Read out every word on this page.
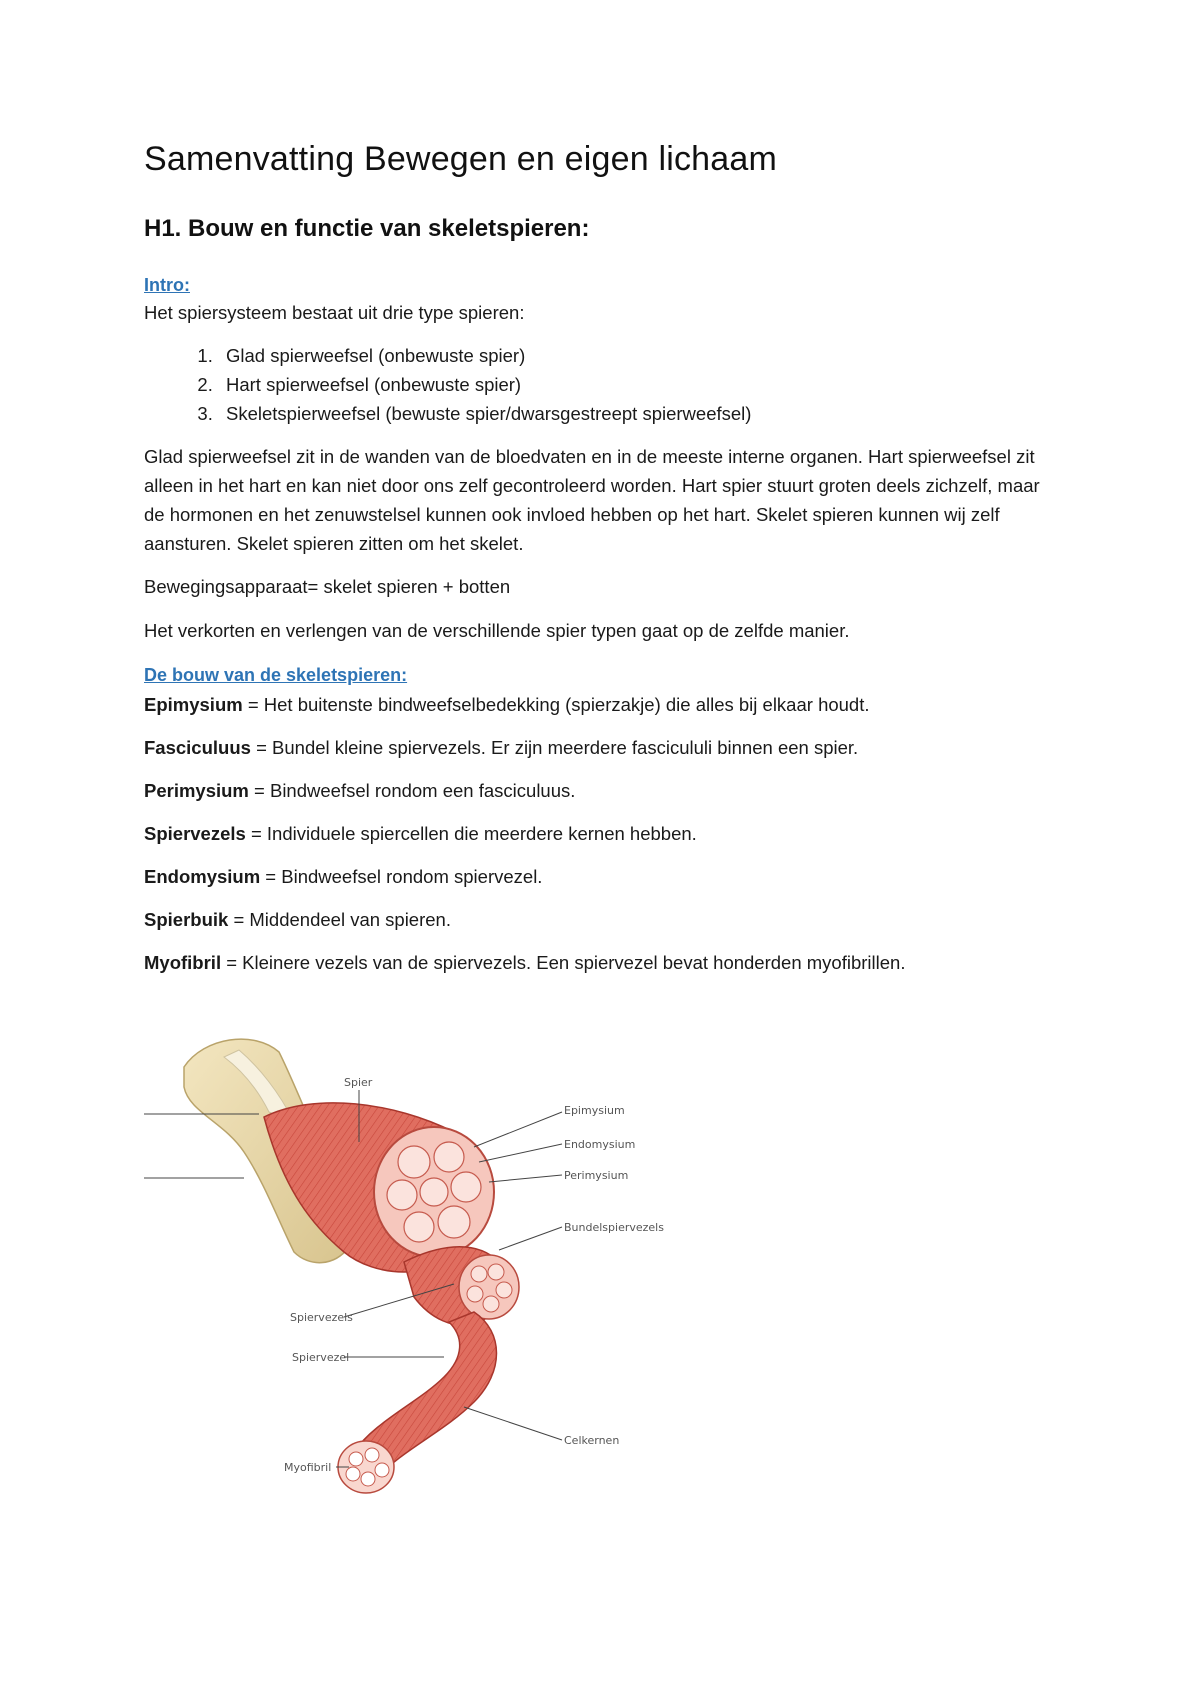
Samenvatting Bewegen en eigen lichaam
H1. Bouw en functie van skeletspieren:
Intro:

Het spiersysteem bestaat uit drie type spieren:

1. Glad spierweefsel (onbewuste spier)
2. Hart spierweefsel (onbewuste spier)
3. Skeletspierweefsel (bewuste spier/dwarsgestreept spierweefsel)

Glad spierweefsel zit in de wanden van de bloedvaten en in de meeste interne organen. Hart spierweefsel zit alleen in het hart en kan niet door ons zelf gecontroleerd worden. Hart spier stuurt groten deels zichzelf, maar de hormonen en het zenuwstelsel kunnen ook invloed hebben op het hart. Skelet spieren kunnen wij zelf aansturen. Skelet spieren zitten om het skelet.

Bewegingsapparaat= skelet spieren + botten

Het verkorten en verlengen van de verschillende spier typen gaat op de zelfde manier.

De bouw van de skeletspieren:

Epimysium = Het buitenste bindweefselbedekking (spierzakje) die alles bij elkaar houdt.

Fasciculuus = Bundel kleine spiervezels. Er zijn meerdere fascicululi binnen een spier.

Perimysium = Bindweefsel rondom een fasciculuus.

Spiervezels = Individuele spiercellen die meerdere kernen hebben.

Endomysium = Bindweefsel rondom spiervezel.

Spierbuik = Middendeel van spieren.

Myofibril = Kleinere vezels van de spiervezels. Een spiervezel bevat honderden myofibrillen.

Spier
Epimysium
Endomysium
Perimysium
Bundelspiervezels
Spiervezels
Spiervezel
Celkernen
Myofibril
